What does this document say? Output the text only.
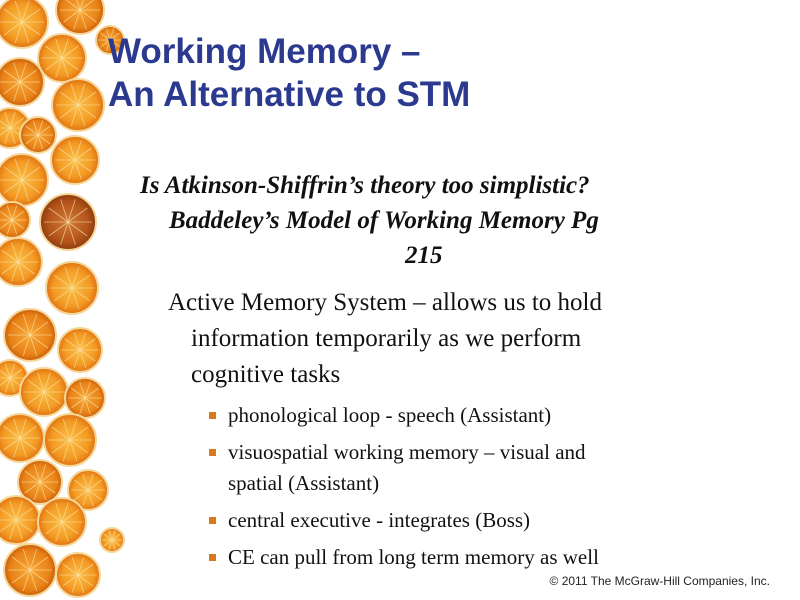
Working Memory –
An Alternative to STM
Is Atkinson-Shiffrin’s theory too simplistic?
Baddeley’s Model of Working Memory Pg
215
Active Memory System – allows us to hold
information temporarily as we perform
cognitive tasks
phonological loop - speech (Assistant)
visuospatial working memory – visual and
spatial (Assistant)
central executive - integrates (Boss)
CE can pull from long term memory as well
© 2011 The McGraw-Hill Companies, Inc.
